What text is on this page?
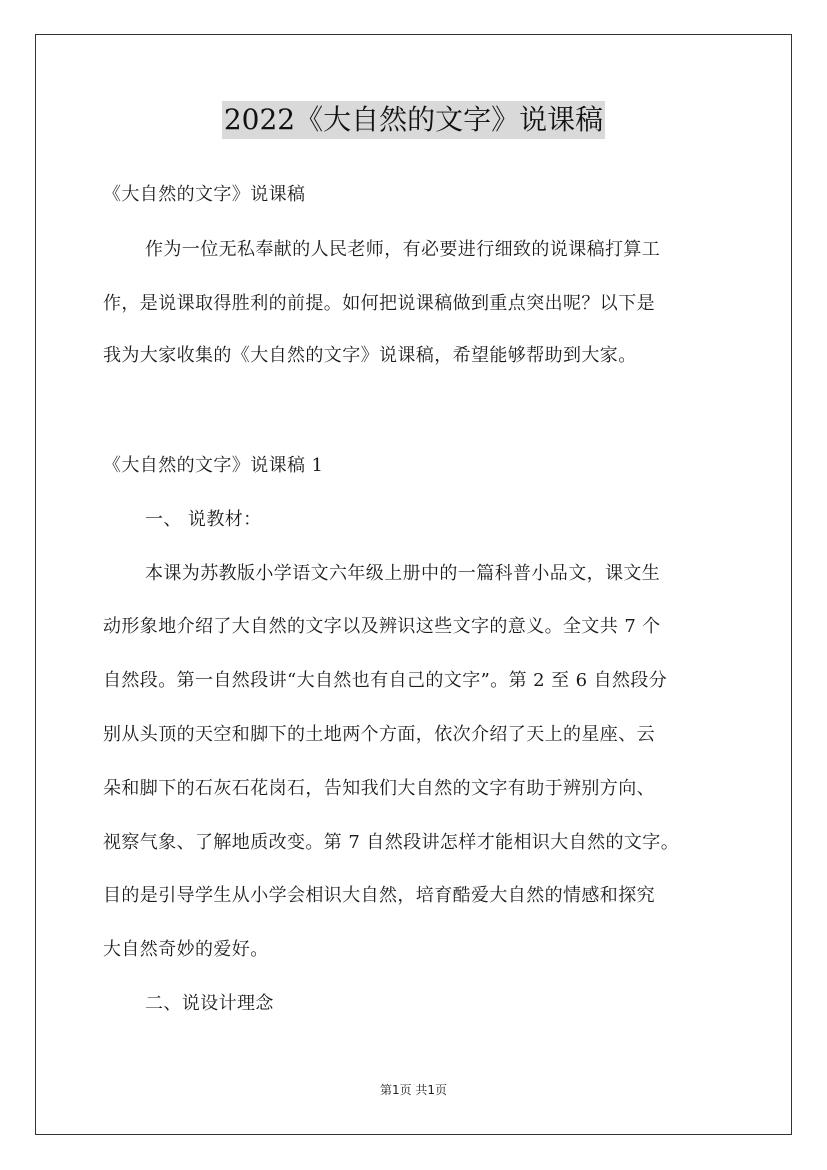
2022《大自然的文字》说课稿
《大自然的文字》说课稿
作为一位无私奉献的人民老师，有必要进行细致的说课稿打算工
作，是说课取得胜利的前提。如何把说课稿做到重点突出呢？以下是
我为大家收集的《大自然的文字》说课稿，希望能够帮助到大家。
《大自然的文字》说课稿 1
一、 说教材：
本课为苏教版小学语文六年级上册中的一篇科普小品文，课文生
动形象地介绍了大自然的文字以及辨识这些文字的意义。全文共 7 个
自然段。第一自然段讲“大自然也有自己的文字”。第 2 至 6 自然段分
别从头顶的天空和脚下的土地两个方面，依次介绍了天上的星座、云
朵和脚下的石灰石花岗石，告知我们大自然的文字有助于辨别方向、
视察气象、了解地质改变。第 7 自然段讲怎样才能相识大自然的文字。
目的是引导学生从小学会相识大自然，培育酷爱大自然的情感和探究
大自然奇妙的爱好。
二、说设计理念
第1页 共1页
